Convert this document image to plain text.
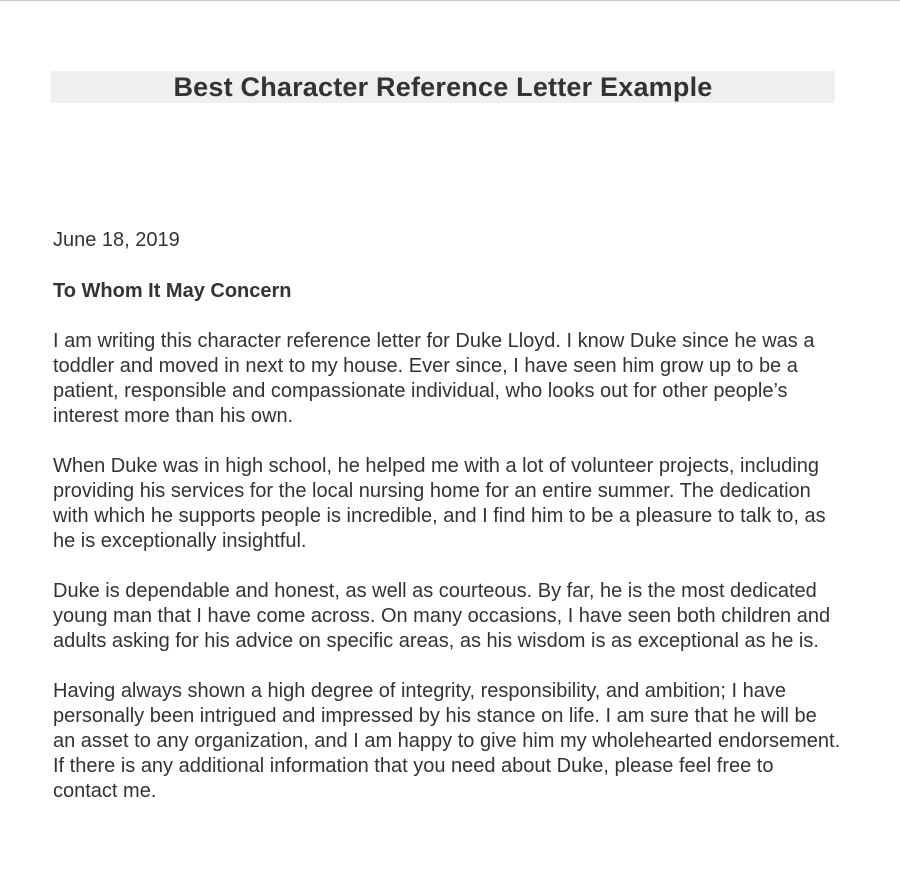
Best Character Reference Letter Example

June 18, 2019

To Whom It May Concern

I am writing this character reference letter for Duke Lloyd. I know Duke since he was a toddler and moved in next to my house. Ever since, I have seen him grow up to be a patient, responsible and compassionate individual, who looks out for other people’s interest more than his own.

When Duke was in high school, he helped me with a lot of volunteer projects, including providing his services for the local nursing home for an entire summer. The dedication with which he supports people is incredible, and I find him to be a pleasure to talk to, as he is exceptionally insightful.

Duke is dependable and honest, as well as courteous. By far, he is the most dedicated young man that I have come across. On many occasions, I have seen both children and adults asking for his advice on specific areas, as his wisdom is as exceptional as he is.

Having always shown a high degree of integrity, responsibility, and ambition; I have personally been intrigued and impressed by his stance on life. I am sure that he will be an asset to any organization, and I am happy to give him my wholehearted endorsement. If there is any additional information that you need about Duke, please feel free to contact me.
